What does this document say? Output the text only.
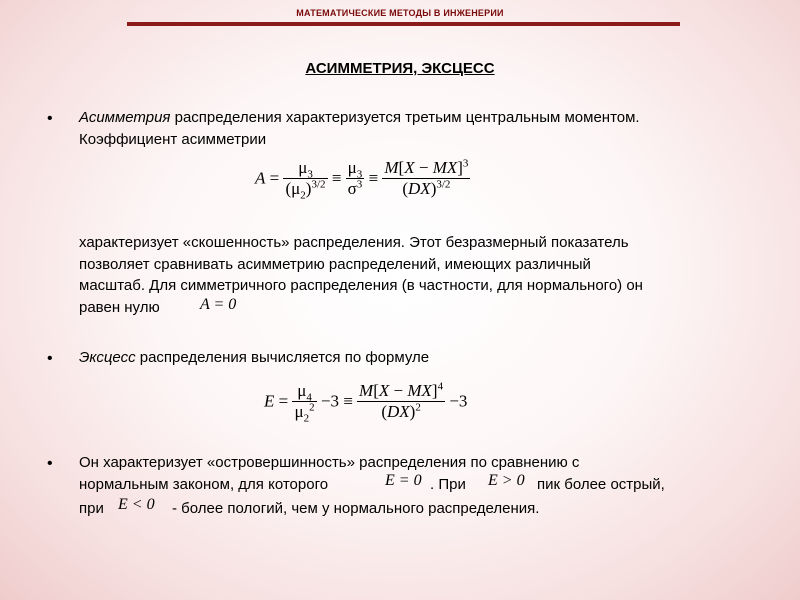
МАТЕМАТИЧЕСКИЕ МЕТОДЫ В ИНЖЕНЕРИИ
АСИММЕТРИЯ, ЭКСЦЕСС
• Асимметрия распределения характеризуется третьим центральным моментом.
Коэффициент асимметрии
$A = \frac{\mu_3}{(\mu_2)^{3/2}} \equiv \frac{\mu_3}{\sigma^3} \equiv \frac{M[X - MX]^3}{(DX)^{3/2}}$
характеризует «скошенность» распределения. Этот безразмерный показатель
позволяет сравнивать асимметрию распределений, имеющих различный
масштаб. Для симметричного распределения (в частности, для нормального) он
равен нулю	A = 0
• Эксцесс распределения вычисляется по формуле
$E = \frac{\mu_4}{\mu_2^2} -3 \equiv \frac{M[X - MX]^4}{(DX)^2} -3$
• Он характеризует «островершинность» распределения по сравнению с
нормальным законом, для которого	E = 0 . При E > 0 пик более острый,
при E < 0 - более пологий, чем у нормального распределения.
